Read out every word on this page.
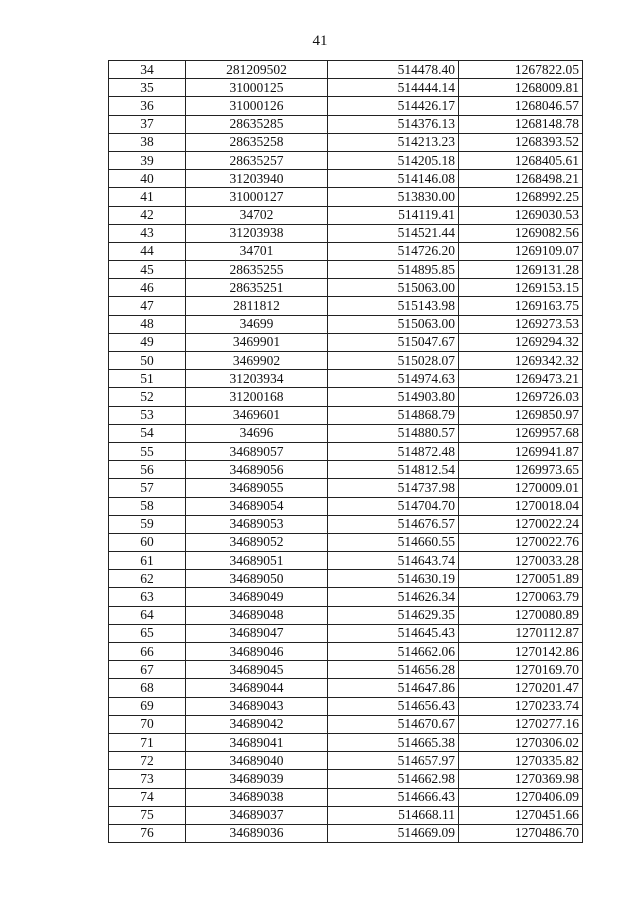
41
34	281209502	514478.40	1267822.05
35	31000125	514444.14	1268009.81
36	31000126	514426.17	1268046.57
37	28635285	514376.13	1268148.78
38	28635258	514213.23	1268393.52
39	28635257	514205.18	1268405.61
40	31203940	514146.08	1268498.21
41	31000127	513830.00	1268992.25
42	34702	514119.41	1269030.53
43	31203938	514521.44	1269082.56
44	34701	514726.20	1269109.07
45	28635255	514895.85	1269131.28
46	28635251	515063.00	1269153.15
47	2811812	515143.98	1269163.75
48	34699	515063.00	1269273.53
49	3469901	515047.67	1269294.32
50	3469902	515028.07	1269342.32
51	31203934	514974.63	1269473.21
52	31200168	514903.80	1269726.03
53	3469601	514868.79	1269850.97
54	34696	514880.57	1269957.68
55	34689057	514872.48	1269941.87
56	34689056	514812.54	1269973.65
57	34689055	514737.98	1270009.01
58	34689054	514704.70	1270018.04
59	34689053	514676.57	1270022.24
60	34689052	514660.55	1270022.76
61	34689051	514643.74	1270033.28
62	34689050	514630.19	1270051.89
63	34689049	514626.34	1270063.79
64	34689048	514629.35	1270080.89
65	34689047	514645.43	1270112.87
66	34689046	514662.06	1270142.86
67	34689045	514656.28	1270169.70
68	34689044	514647.86	1270201.47
69	34689043	514656.43	1270233.74
70	34689042	514670.67	1270277.16
71	34689041	514665.38	1270306.02
72	34689040	514657.97	1270335.82
73	34689039	514662.98	1270369.98
74	34689038	514666.43	1270406.09
75	34689037	514668.11	1270451.66
76	34689036	514669.09	1270486.70
